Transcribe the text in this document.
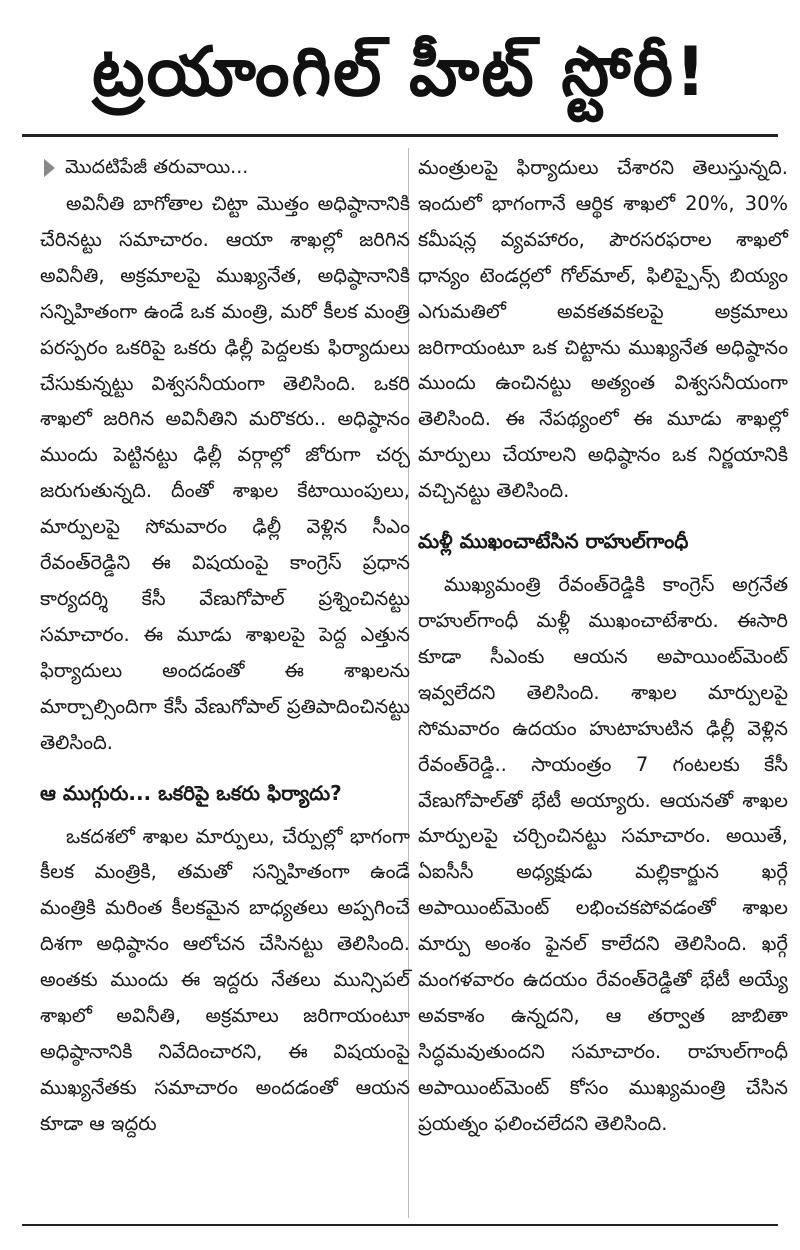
ట్రయాంగిల్ హీట్ స్టోరీ!
మొదటిపేజీ తరువాయి...

అవినీతి బాగోతాల చిట్టా మొత్తం అధిష్ఠానానికి చేరినట్టు సమాచారం. ఆయా శాఖల్లో జరిగిన అవినీతి, అక్రమాలపై ముఖ్యనేత, అధిష్ఠానానికి సన్నిహితంగా ఉండే ఒక మంత్రి, మరో కీలక మంత్రి పరస్పరం ఒకరిపై ఒకరు ఢిల్లీ పెద్దలకు ఫిర్యాదులు చేసుకున్నట్టు విశ్వసనీయంగా తెలిసింది. ఒకరి శాఖలో జరిగిన అవినీతిని మరొకరు.. అధిష్ఠానం ముందు పెట్టినట్టు ఢిల్లీ వర్గాల్లో జోరుగా చర్చ జరుగుతున్నది. దీంతో శాఖల కేటాయింపులు, మార్పులపై సోమవారం ఢిల్లీ వెళ్లిన సీఎం రేవంత్‌రెడ్డిని ఈ విషయంపై కాంగ్రెస్ ప్రధాన కార్యదర్శి కేసీ వేణుగోపాల్ ప్రశ్నించినట్టు సమాచారం. ఈ మూడు శాఖలపై పెద్ద ఎత్తున ఫిర్యాదులు అందడంతో ఈ శాఖలను మార్చాల్సిందిగా కేసీ వేణుగోపాల్ ప్రతిపాదించినట్టు తెలిసింది.

ఆ ముగ్గురు... ఒకరిపై ఒకరు ఫిర్యాదు?

ఒకదశలో శాఖల మార్పులు, చేర్పుల్లో భాగంగా కీలక మంత్రికి, తమతో సన్నిహితంగా ఉండే మంత్రికి మరింత కీలకమైన బాధ్యతలు అప్పగించే దిశగా అధిష్ఠానం ఆలోచన చేసినట్టు తెలిసింది. అంతకు ముందు ఈ ఇద్దరు నేతలు మున్సిపల్ శాఖలో అవినీతి, అక్రమాలు జరిగాయంటూ అధిష్ఠానానికి నివేదించారని, ఈ విషయంపై ముఖ్యనేతకు సమాచారం అందడంతో ఆయన కూడా ఆ ఇద్దరు

మంత్రులపై ఫిర్యాదులు చేశారని తెలుస్తున్నది. ఇందులో భాగంగానే ఆర్థిక శాఖలో 20%, 30% కమీషన్ల వ్యవహారం, పౌరసరఫరాల శాఖలో ధాన్యం టెండర్లలో గోల్‌మాల్, ఫిలిప్పైన్స్ బియ్యం ఎగుమతిలో అవకతవకలపై అక్రమాలు జరిగాయంటూ ఒక చిట్టాను ముఖ్యనేత అధిష్ఠానం ముందు ఉంచినట్టు అత్యంత విశ్వసనీయంగా తెలిసింది. ఈ నేపథ్యంలో ఈ మూడు శాఖల్లో మార్పులు చేయాలని అధిష్ఠానం ఒక నిర్ణయానికి వచ్చినట్టు తెలిసింది.

మళ్లీ ముఖంచాటేసిన రాహుల్‌గాంధీ

ముఖ్యమంత్రి రేవంత్‌రెడ్డికి కాంగ్రెస్ అగ్రనేత రాహుల్‌గాంధీ మళ్లీ ముఖంచాటేశారు. ఈసారి కూడా సీఎంకు ఆయన అపాయింట్‌మెంట్ ఇవ్వలేదని తెలిసింది. శాఖల మార్పులపై సోమవారం ఉదయం హుటాహుటిన ఢిల్లీ వెళ్లిన రేవంత్‌రెడ్డి.. సాయంత్రం 7 గంటలకు కేసీ వేణుగోపాల్‌తో భేటీ అయ్యారు. ఆయనతో శాఖల మార్పులపై చర్చించినట్టు సమాచారం. అయితే, ఏఐసీసీ అధ్యక్షుడు మల్లికార్జున ఖర్గే అపాయింట్‌మెంట్ లభించకపోవడంతో శాఖల మార్పు అంశం ఫైనల్ కాలేదని తెలిసింది. ఖర్గే మంగళవారం ఉదయం రేవంత్‌రెడ్డితో భేటీ అయ్యే అవకాశం ఉన్నదని, ఆ తర్వాత జాబితా సిద్ధమవుతుందని సమాచారం. రాహుల్‌గాంధీ అపాయింట్‌మెంట్ కోసం ముఖ్యమంత్రి చేసిన ప్రయత్నం ఫలించలేదని తెలిసింది.
